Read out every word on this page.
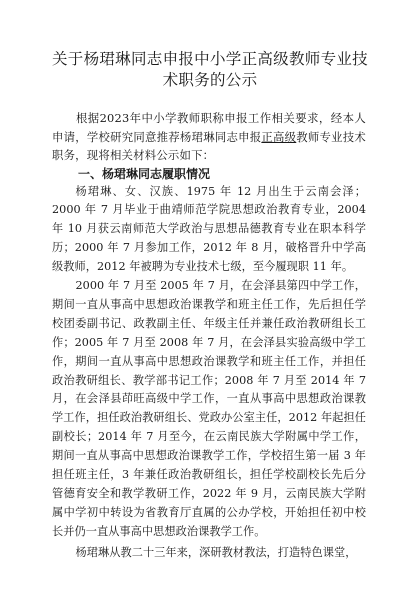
关于杨珺琳同志申报中小学正高级教师专业技术职务的公示

根据2023年中小学教师职称申报工作相关要求，经本人申请，学校研究同意推荐杨珺琳同志申报正高级教师专业技术职务，现将相关材料公示如下：

一、杨珺琳同志履职情况

杨珺琳、女、汉族、1975 年 12 月出生于云南会泽；2000 年 7 月毕业于曲靖师范学院思想政治教育专业，2004 年 10 月获云南师范大学政治与思想品德教育专业在职本科学历；2000 年 7 月参加工作，2012 年 8 月，破格晋升中学高级教师，2012 年被聘为专业技术七级，至今履现职 11 年。

2000 年 7 月至 2005 年 7 月，在会泽县第四中学工作，期间一直从事高中思想政治课教学和班主任工作，先后担任学校团委副书记、政教副主任、年级主任并兼任政治教研组长工作；2005 年 7 月至 2008 年 7 月，在会泽县实验高级中学工作，期间一直从事高中思想政治课教学和班主任工作，并担任政治教研组长、教学部书记工作；2008 年 7 月至 2014 年 7 月，在会泽县茚旺高级中学工作，一直从事高中思想政治课教学工作，担任政治教研组长、党政办公室主任，2012 年起担任副校长；2014 年 7 月至今，在云南民族大学附属中学工作，期间一直从事高中思想政治课教学工作，学校招生第一届 3 年担任班主任，3 年兼任政治教研组长，担任学校副校长先后分管德育安全和教学教研工作，2022 年 9 月，云南民族大学附属中学初中转设为省教育厅直属的公办学校，开始担任初中校长并仍一直从事高中思想政治课教学工作。

杨珺琳从教二十三年来，深研教材教法，打造特色课堂，
